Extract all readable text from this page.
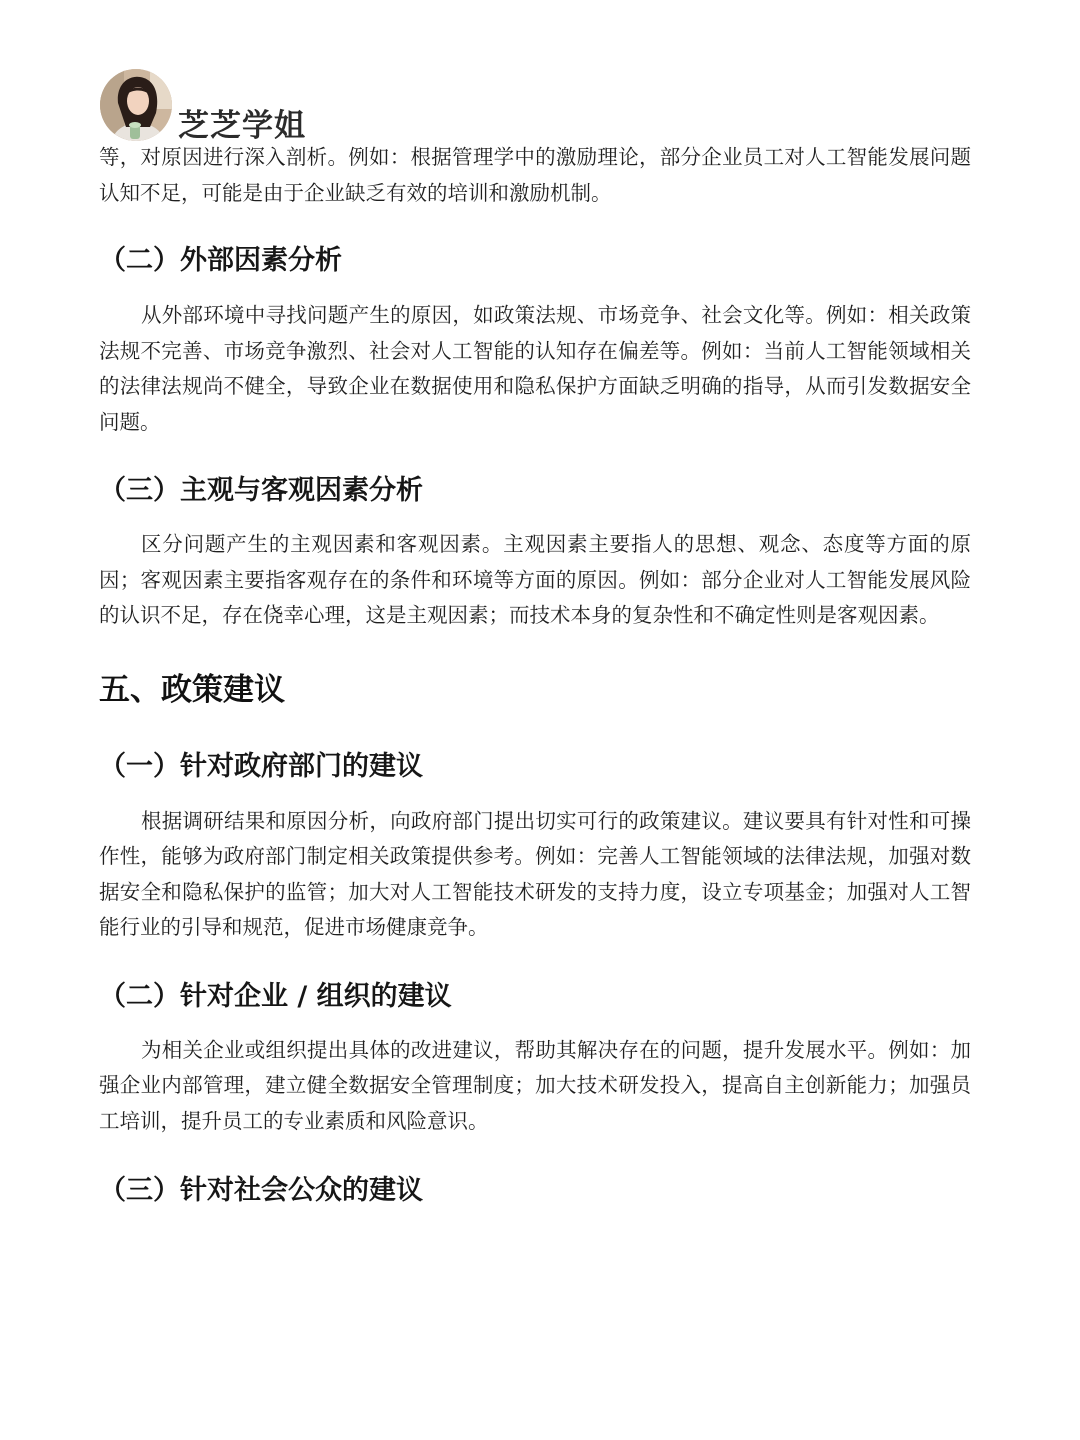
芝芝学姐

等，对原因进行深入剖析。例如：根据管理学中的激励理论，部分企业员工对人工智能发展问题认知不足，可能是由于企业缺乏有效的培训和激励机制。

（二）外部因素分析

从外部环境中寻找问题产生的原因，如政策法规、市场竞争、社会文化等。例如：相关政策法规不完善、市场竞争激烈、社会对人工智能的认知存在偏差等。例如：当前人工智能领域相关的法律法规尚不健全，导致企业在数据使用和隐私保护方面缺乏明确的指导，从而引发数据安全问题。

（三）主观与客观因素分析

区分问题产生的主观因素和客观因素。主观因素主要指人的思想、观念、态度等方面的原因；客观因素主要指客观存在的条件和环境等方面的原因。例如：部分企业对人工智能发展风险的认识不足，存在侥幸心理，这是主观因素；而技术本身的复杂性和不确定性则是客观因素。

五、政策建议
（一）针对政府部门的建议

根据调研结果和原因分析，向政府部门提出切实可行的政策建议。建议要具有针对性和可操作性，能够为政府部门制定相关政策提供参考。例如：完善人工智能领域的法律法规，加强对数据安全和隐私保护的监管；加大对人工智能技术研发的支持力度，设立专项基金；加强对人工智能行业的引导和规范，促进市场健康竞争。

（二）针对企业 / 组织的建议

为相关企业或组织提出具体的改进建议，帮助其解决存在的问题，提升发展水平。例如：加强企业内部管理，建立健全数据安全管理制度；加大技术研发投入，提高自主创新能力；加强员工培训，提升员工的专业素质和风险意识。

（三）针对社会公众的建议
